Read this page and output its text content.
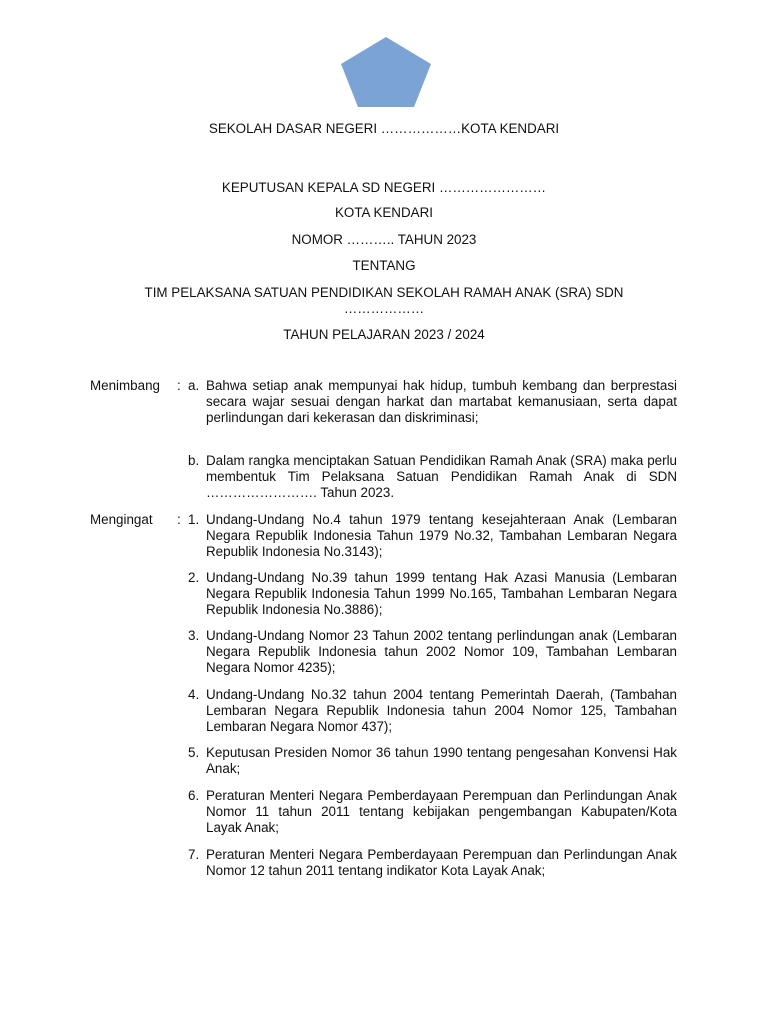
SEKOLAH DASAR NEGERI ………………KOTA KENDARI
KEPUTUSAN KEPALA SD NEGERI ……………………
KOTA KENDARI
NOMOR ……….. TAHUN 2023
TENTANG
TIM PELAKSANA SATUAN PENDIDIKAN SEKOLAH RAMAH ANAK (SRA) SDN
………………
TAHUN PELAJARAN 2023 / 2024
Menimbang : a. Bahwa setiap anak mempunyai hak hidup, tumbuh kembang dan berprestasi secara wajar sesuai dengan harkat dan martabat kemanusiaan, serta dapat perlindungan dari kekerasan dan diskriminasi;
b. Dalam rangka menciptakan Satuan Pendidikan Ramah Anak (SRA) maka perlu membentuk Tim Pelaksana Satuan Pendidikan Ramah Anak di SDN ……………………. Tahun 2023.
Mengingat : 1. Undang-Undang No.4 tahun 1979 tentang kesejahteraan Anak (Lembaran Negara Republik Indonesia Tahun 1979 No.32, Tambahan Lembaran Negara Republik Indonesia No.3143);
2. Undang-Undang No.39 tahun 1999 tentang Hak Azasi Manusia (Lembaran Negara Republik Indonesia Tahun 1999 No.165, Tambahan Lembaran Negara Republik Indonesia No.3886);
3. Undang-Undang Nomor 23 Tahun 2002 tentang perlindungan anak (Lembaran Negara Republik Indonesia tahun 2002 Nomor 109, Tambahan Lembaran Negara Nomor 4235);
4. Undang-Undang No.32 tahun 2004 tentang Pemerintah Daerah, (Tambahan Lembaran Negara Republik Indonesia tahun 2004 Nomor 125, Tambahan Lembaran Negara Nomor 437);
5. Keputusan Presiden Nomor 36 tahun 1990 tentang pengesahan Konvensi Hak Anak;
6. Peraturan Menteri Negara Pemberdayaan Perempuan dan Perlindungan Anak Nomor 11 tahun 2011 tentang kebijakan pengembangan Kabupaten/Kota Layak Anak;
7. Peraturan Menteri Negara Pemberdayaan Perempuan dan Perlindungan Anak Nomor 12 tahun 2011 tentang indikator Kota Layak Anak;
